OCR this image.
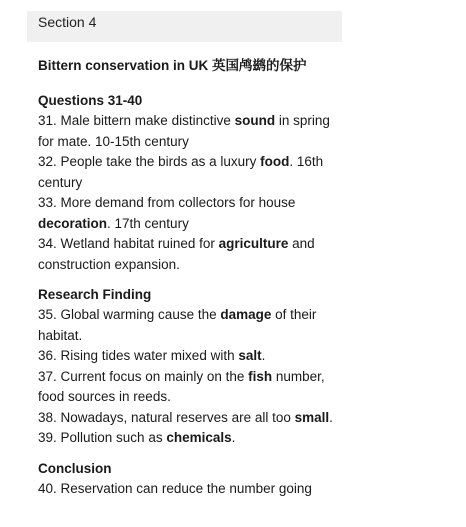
Section 4
Bittern conservation in UK 英国鸬鹚的保护
Questions 31-40

31. Male bittern make distinctive sound in spring for mate. 10-15th century

32. People take the birds as a luxury food. 16th century

33. More demand from collectors for house decoration. 17th century

34. Wetland habitat ruined for agriculture and construction expansion.

Research Finding

35. Global warming cause the damage of their habitat.

36. Rising tides water mixed with salt.

37. Current focus on mainly on the fish number, food sources in reeds.

38. Nowadays, natural reserves are all too small.

39. Pollution such as chemicals.

Conclusion

40. Reservation can reduce the number going
